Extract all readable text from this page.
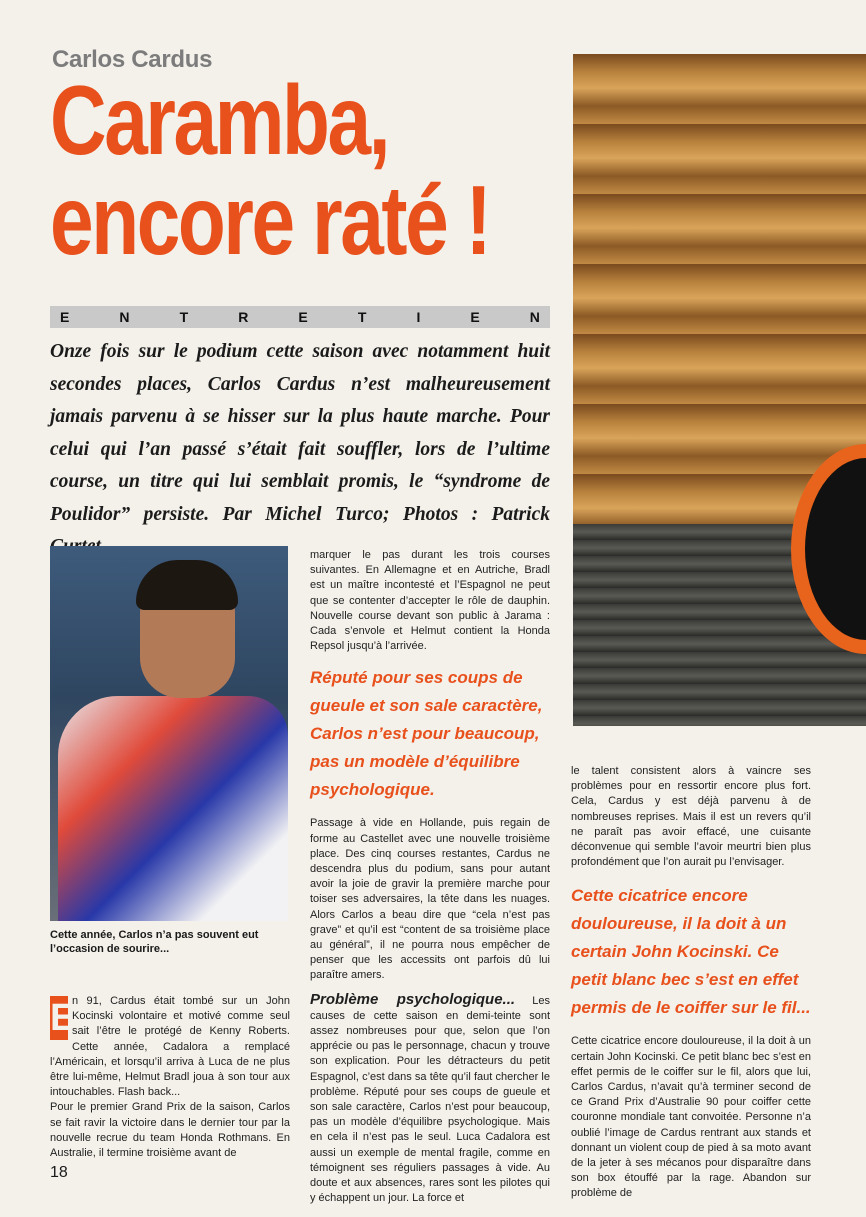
Carlos Cardus
Caramba,
encore raté !
E	N	T	R	E	T	I	E	N
Onze fois sur le podium cette saison avec notamment huit secondes places, Carlos Cardus n’est malheureusement jamais parvenu à se hisser sur la plus haute marche. Pour celui qui l’an passé s’était fait souffler, lors de l’ultime course, un titre qui lui semblait promis, le “syndrome de Poulidor” persiste. Par Michel Turco; Photos : Patrick
Cette année, Carlos n’a pas souvent eut l’occasion de sourire...

E
n 91, Cardus était tombé sur un John Kocinski volontaire et motivé comme seul sait l’être le protégé de Kenny Roberts. Cette année, Cadalora a remplacé l’Américain, et lorsqu’il arriva à Luca de ne plus être lui-même, Helmut Bradl joua à son tour aux intouchables. Flash back...

Pour le premier Grand Prix de la saison, Carlos se fait ravir la victoire dans le dernier tour par la nouvelle recrue du team Honda Rothmans. En Australie, il termine troisième avant de

marquer le pas durant les trois courses suivantes. En Allemagne et en Autriche, Bradl est un maître incontesté et l’Espagnol ne peut que se contenter d’accepter le rôle de dauphin. Nouvelle course devant son public à Jarama : Cada s’envole et Helmut contient la Honda Repsol jusqu’à l’arrivée.

Réputé pour ses coups de gueule et son sale caractère, Carlos n’est pour beaucoup, pas un modèle d’équilibre psychologique.

Passage à vide en Hollande, puis regain de forme au Castellet avec une nouvelle troisième place. Des cinq courses restantes, Cardus ne descendra plus du podium, sans pour autant avoir la joie de gravir la première marche pour toiser ses adversaires, la tête dans les nuages. Alors Carlos a beau dire que “cela n’est pas grave” et qu’il est “content de sa troisième place au général”, il ne pourra nous empêcher de penser que les accessits ont parfois dû lui paraître amers.

Problème psychologique... Les causes de cette saison en demi-teinte sont assez nombreuses pour que, selon que l’on apprécie ou pas le personnage, chacun y trouve son explication. Pour les détracteurs du petit Espagnol, c’est dans sa tête qu’il faut chercher le problème. Réputé pour ses coups de gueule et son sale caractère, Carlos n’est pour beaucoup, pas un modèle d’équilibre psychologique. Mais en cela il n’est pas le seul. Luca Cadalora est aussi un exemple de mental fragile, comme en témoignent ses réguliers passages à vide. Au doute et aux absences, rares sont les pilotes qui y échappent un jour. La force et

le talent consistent alors à vaincre ses problèmes pour en ressortir encore plus fort. Cela, Cardus y est déjà parvenu à de nombreuses reprises. Mais il est un revers qu’il ne paraît pas avoir effacé, une cuisante déconvenue qui semble l’avoir meurtri bien plus profondément que l’on aurait pu l’envisager.

Cette cicatrice encore douloureuse, il la doit à un certain John Kocinski. Ce petit blanc bec s’est en effet permis de le coiffer sur le fil...

Cette cicatrice encore douloureuse, il la doit à un certain John Kocinski. Ce petit blanc bec s’est en effet permis de le coiffer sur le fil, alors que lui, Carlos Cardus, n’avait qu’à terminer second de ce Grand Prix d’Australie 90 pour coiffer cette couronne mondiale tant convoitée. Personne n’a oublié l’image de Cardus rentrant aux stands et donnant un violent coup de pied à sa moto avant de la jeter à ses mécanos pour disparaître dans son box étouffé par la rage. Abandon sur problème de

18
